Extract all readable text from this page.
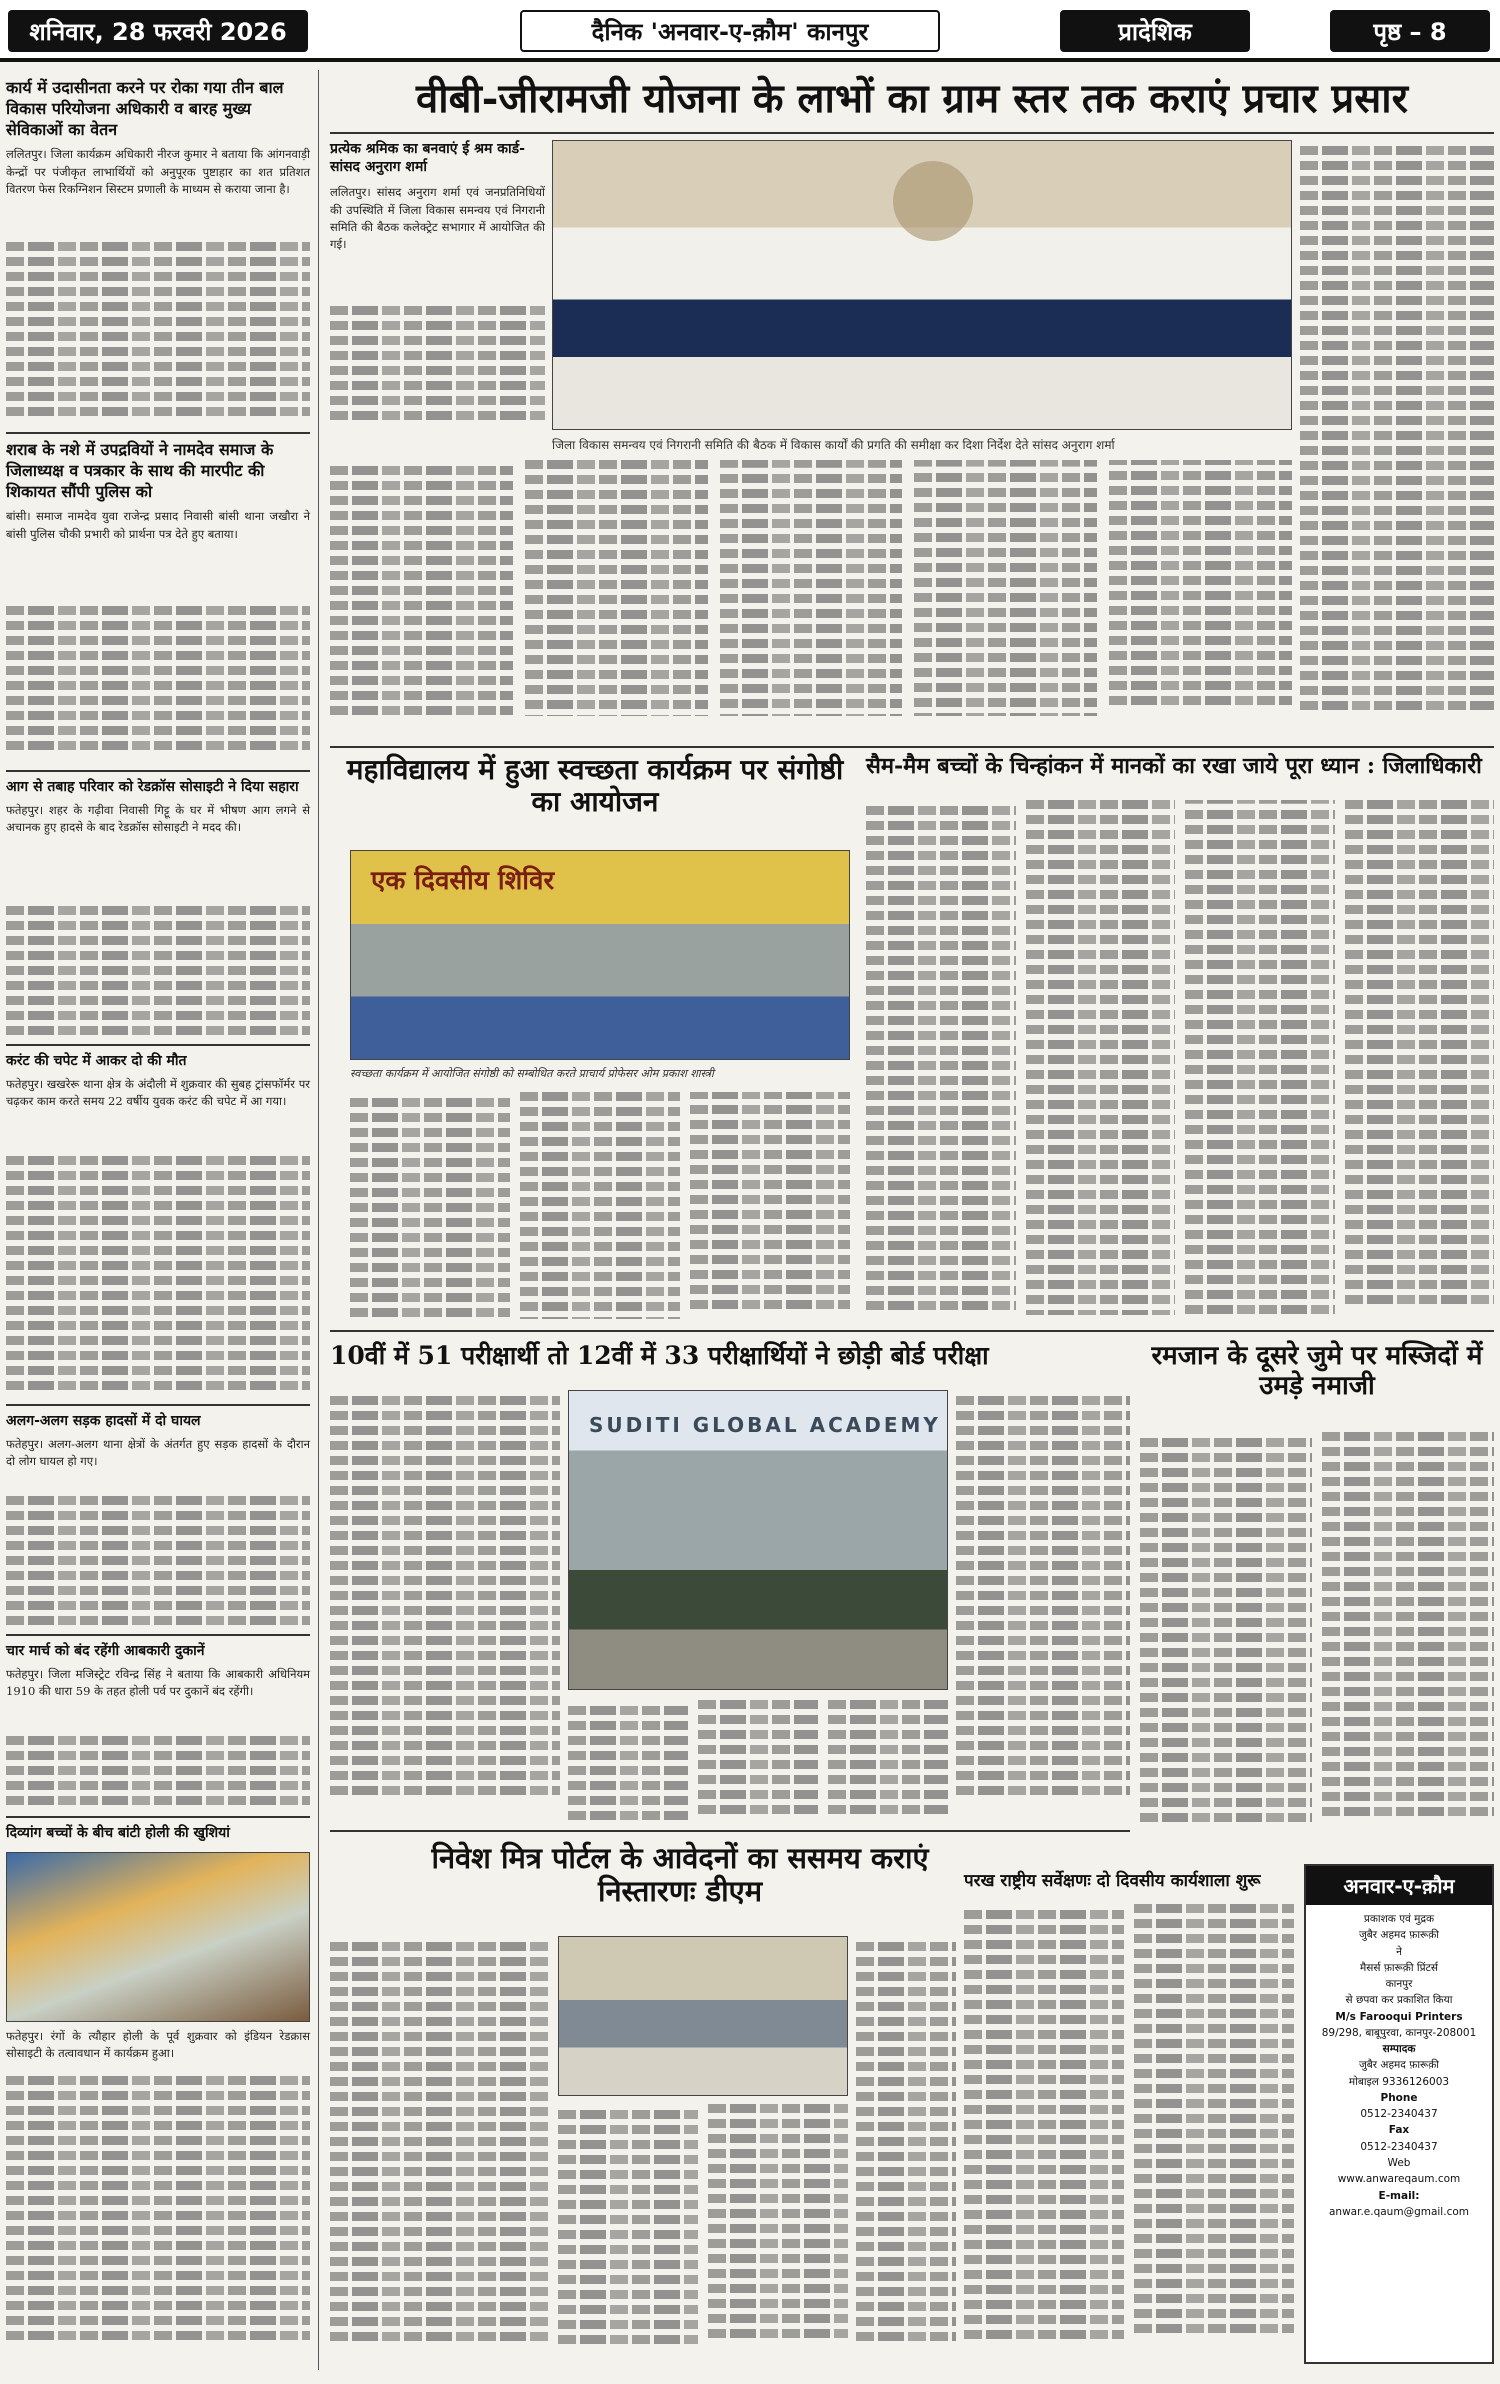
शनिवार, 28 फरवरी 2026	दैनिक 'अनवार-ए-क़ौम' कानपुर	प्रादेशिक	पृष्ठ – 8
कार्य में उदासीनता करने पर रोका गया तीन बाल विकास परियोजना अधिकारी व बारह मुख्य सेविकाओं का वेतन
ललितपुर। जिला कार्यक्रम अधिकारी नीरज कुमार ने बताया कि आंगनवाड़ी केन्द्रों पर पंजीकृत लाभार्थियों को अनुपूरक पुष्टाहार का शत प्रतिशत वितरण फेस रिकग्निशन सिस्टम प्रणाली के माध्यम से कराया जाना है।
शराब के नशे में उपद्रवियों ने नामदेव समाज के जिलाध्यक्ष व पत्रकार के साथ की मारपीट की शिकायत सौंपी पुलिस को
बांसी। समाज नामदेव युवा राजेन्द्र प्रसाद निवासी बांसी थाना जखौरा ने बांसी पुलिस चौकी प्रभारी को प्रार्थना पत्र देते हुए बताया।
आग से तबाह परिवार को रेडक्रॉस सोसाइटी ने दिया सहारा
फतेहपुर। शहर के गढ़ीवा निवासी गिट्टू के घर में भीषण आग लगने से अचानक हुए हादसे के बाद रेडक्रॉस सोसाइटी ने मदद की।
करंट की चपेट में आकर दो की मौत
फतेहपुर। खखरेरू थाना क्षेत्र के अंदौली में शुक्रवार की सुबह ट्रांसफॉर्मर पर चढ़कर काम करते समय 22 वर्षीय युवक करंट की चपेट में आ गया।
अलग-अलग सड़क हादसों में दो घायल
फतेहपुर। अलग-अलग थाना क्षेत्रों के अंतर्गत हुए सड़क हादसों के दौरान दो लोग घायल हो गए।
चार मार्च को बंद रहेंगी आबकारी दुकानें
फतेहपुर। जिला मजिस्ट्रेट रविन्द्र सिंह ने बताया कि आबकारी अधिनियम 1910 की धारा 59 के तहत होली पर्व पर दुकानें बंद रहेंगी।
दिव्यांग बच्चों के बीच बांटी होली की खुशियां
फतेहपुर। रंगों के त्यौहार होली के पूर्व शुक्रवार को इंडियन रेडक्रास सोसाइटी के तत्वावधान में कार्यक्रम हुआ।
वीबी-जीरामजी योजना के लाभों का ग्राम स्तर तक कराएं प्रचार प्रसार
प्रत्येक श्रमिक का बनवाएं ई श्रम कार्ड- सांसद अनुराग शर्मा
ललितपुर। सांसद अनुराग शर्मा एवं जनप्रतिनिधियों की उपस्थिति में जिला विकास समन्वय एवं निगरानी समिति की बैठक कलेक्ट्रेट सभागार में आयोजित की गई।
जिला विकास समन्वय एवं निगरानी समिति की बैठक में विकास कार्यों की प्रगति की समीक्षा कर दिशा निर्देश देते सांसद अनुराग शर्मा
महाविद्यालय में हुआ स्वच्छता कार्यक्रम पर संगोष्ठी का आयोजन
एक दिवसीय शिविर
स्वच्छता कार्यक्रम में आयोजित संगोष्ठी को सम्बोधित करते प्राचार्य प्रोफेसर ओम प्रकाश शास्त्री
सैम-मैम बच्चों के चिन्हांकन में मानकों का रखा जाये पूरा ध्यान : जिलाधिकारी
10वीं में 51 परीक्षार्थी तो 12वीं में 33 परीक्षार्थियों ने छोड़ी बोर्ड परीक्षा
SUDITI GLOBAL ACADEMY
रमजान के दूसरे जुमे पर मस्जिदों में उमड़े नमाजी
निवेश मित्र पोर्टल के आवेदनों का ससमय कराएं निस्तारणः डीएम	परख राष्ट्रीय सर्वेक्षणः दो दिवसीय कार्यशाला शुरू	अनवार-ए-क़ौम
प्रकाशक एवं मुद्रक
जुबैर अहमद फ़ारूक़ी
ने
मैसर्स फ़ारूक़ी प्रिंटर्स
कानपुर
से छपवा कर प्रकाशित किया
M/s Farooqui Printers
89/298, बाबूपुरवा, कानपुर-208001
सम्पादक
जुबैर अहमद फ़ारूक़ी
मोबाइल 9336126003
Phone
0512-2340437
Fax
0512-2340437
Web
www.anwareqaum.com
E-mail:
anwar.e.qaum@gmail.com
